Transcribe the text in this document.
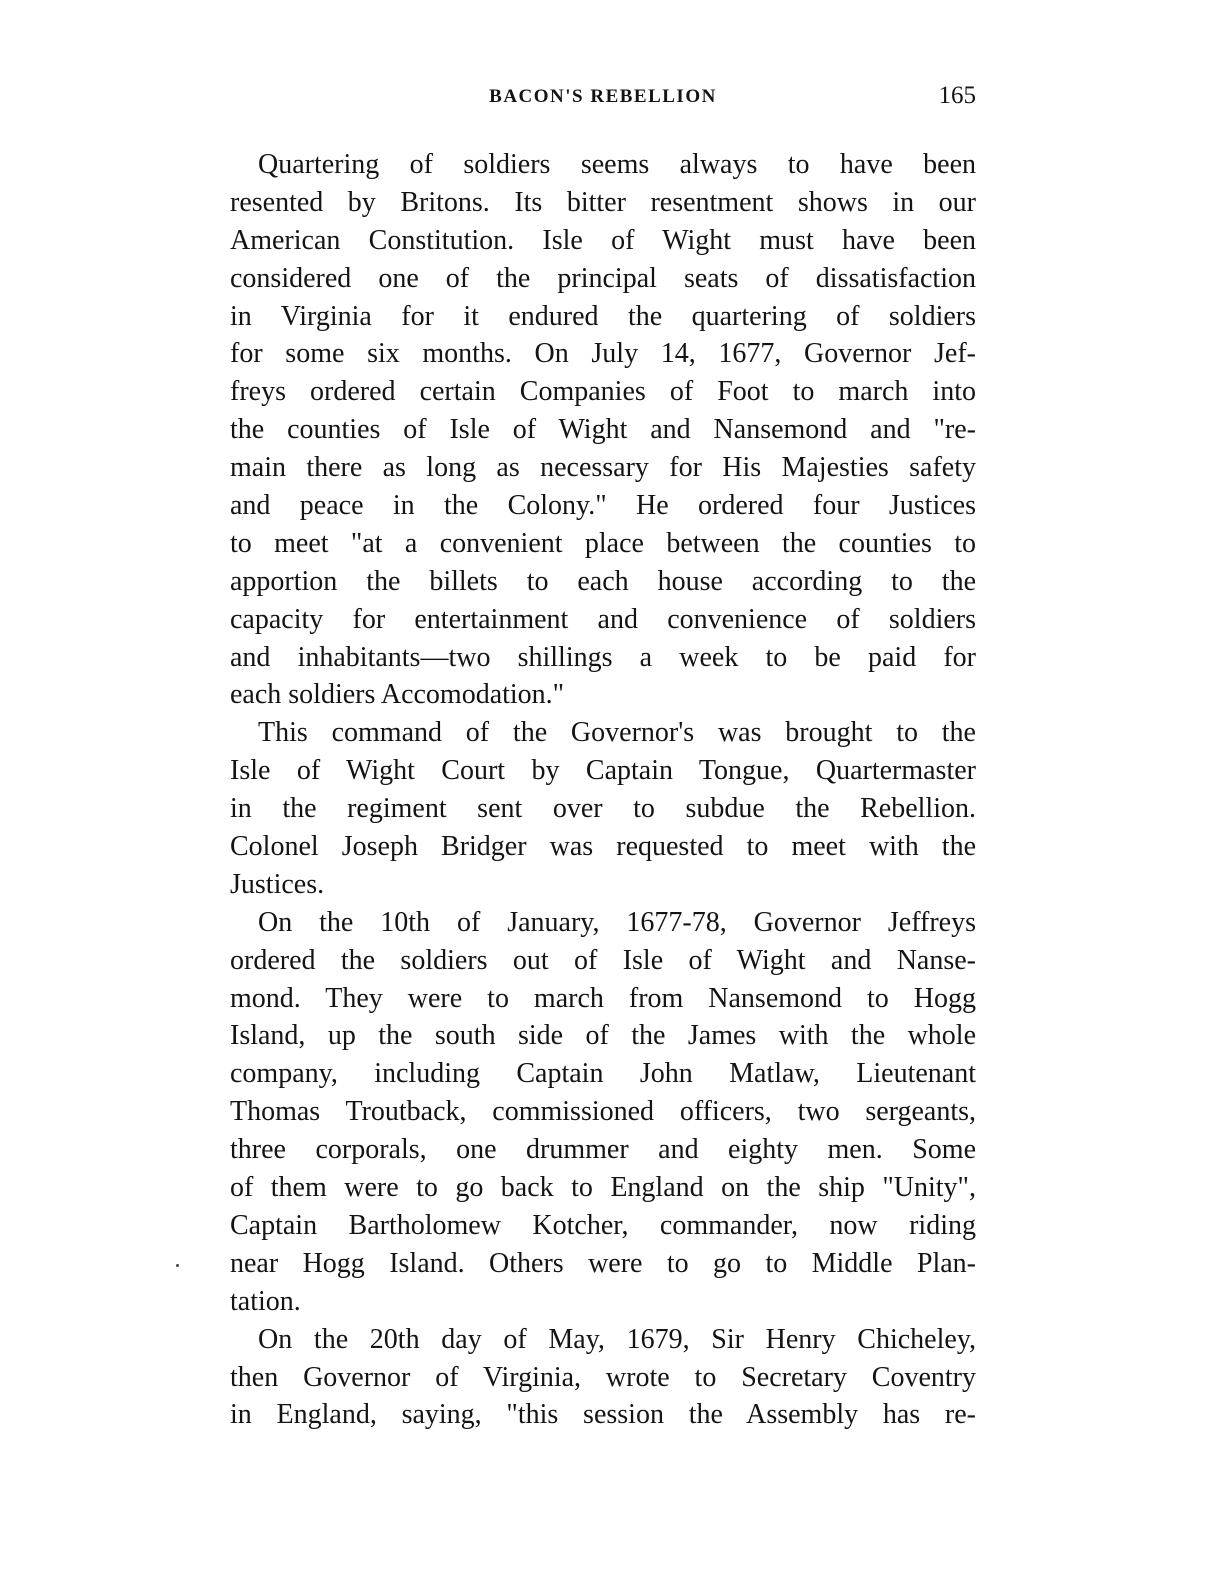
BACON'S REBELLION	165
Quartering of soldiers seems always to have been
resented by Britons. Its bitter resentment shows in our
American Constitution. Isle of Wight must have been
considered one of the principal seats of dissatisfaction
in Virginia for it endured the quartering of soldiers
for some six months. On July 14, 1677, Governor Jef-
freys ordered certain Companies of Foot to march into
the counties of Isle of Wight and Nansemond and "re-
main there as long as necessary for His Majesties safety
and peace in the Colony." He ordered four Justices
to meet "at a convenient place between the counties to
apportion the billets to each house according to the
capacity for entertainment and convenience of soldiers
and inhabitants—two shillings a week to be paid for
each soldiers Accomodation."
This command of the Governor's was brought to the
Isle of Wight Court by Captain Tongue, Quartermaster
in the regiment sent over to subdue the Rebellion.
Colonel Joseph Bridger was requested to meet with the
Justices.
On the 10th of January, 1677-78, Governor Jeffreys
ordered the soldiers out of Isle of Wight and Nanse-
mond. They were to march from Nansemond to Hogg
Island, up the south side of the James with the whole
company, including Captain John Matlaw, Lieutenant
Thomas Troutback, commissioned officers, two sergeants,
three corporals, one drummer and eighty men. Some
of them were to go back to England on the ship "Unity",
Captain Bartholomew Kotcher, commander, now riding
near Hogg Island. Others were to go to Middle Plan-
tation.
On the 20th day of May, 1679, Sir Henry Chicheley,
then Governor of Virginia, wrote to Secretary Coventry
in England, saying, "this session the Assembly has re-
